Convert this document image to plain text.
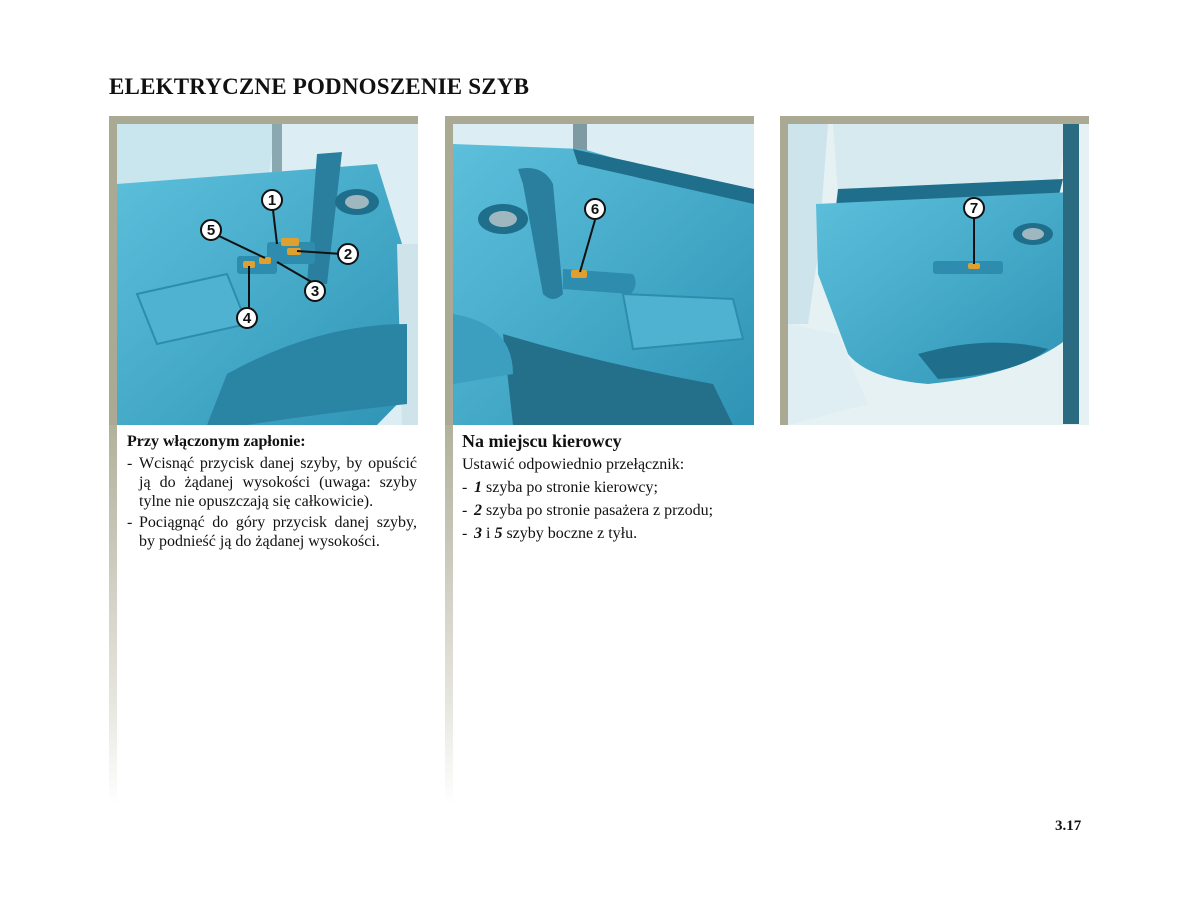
ELEKTRYCZNE PODNOSZENIE SZYB
1
2
3
4
5
6	7
Przy włączonym zapłonie:
- Wcisnąć przycisk danej szyby, by opuścić ją do żądanej wysokości (uwaga: szyby tylne nie opuszczają się całkowicie).
- Pociągnąć do góry przycisk danej szyby, by podnieść ją do żądanej wysokości.
Na miejscu kierowcy

Ustawić odpowiednio przełącznik:

- 1 szyba po stronie kierowcy;
- 2 szyba po stronie pasażera z przodu;
- 3 i 5 szyby boczne z tyłu.
3.17
